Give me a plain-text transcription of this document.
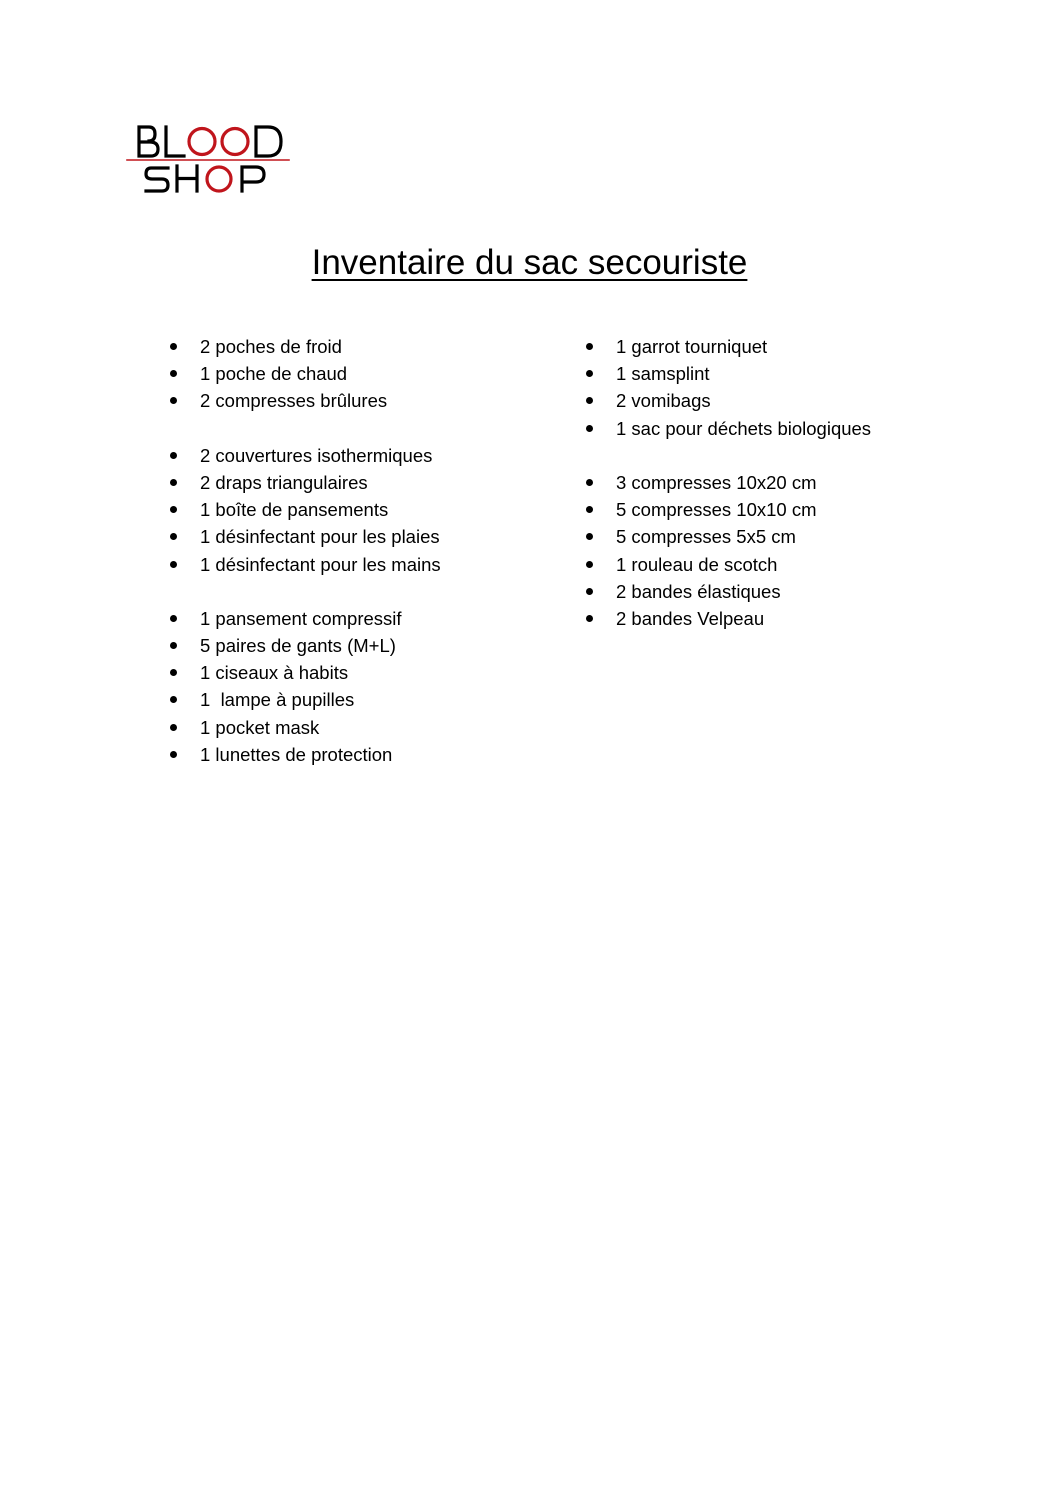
Inventaire du sac secouriste
2 poches de froid
1 poche de chaud
2 compresses brûlures
2 couvertures isothermiques
2 draps triangulaires
1 boîte de pansements
1 désinfectant pour les plaies
1 désinfectant pour les mains
1 pansement compressif
5 paires de gants (M+L)
1 ciseaux à habits
1  lampe à pupilles
1 pocket mask
1 lunettes de protection
1 garrot tourniquet
1 samsplint
2 vomibags
1 sac pour déchets biologiques
3 compresses 10x20 cm
5 compresses 10x10 cm
5 compresses 5x5 cm
1 rouleau de scotch
2 bandes élastiques
2 bandes Velpeau
